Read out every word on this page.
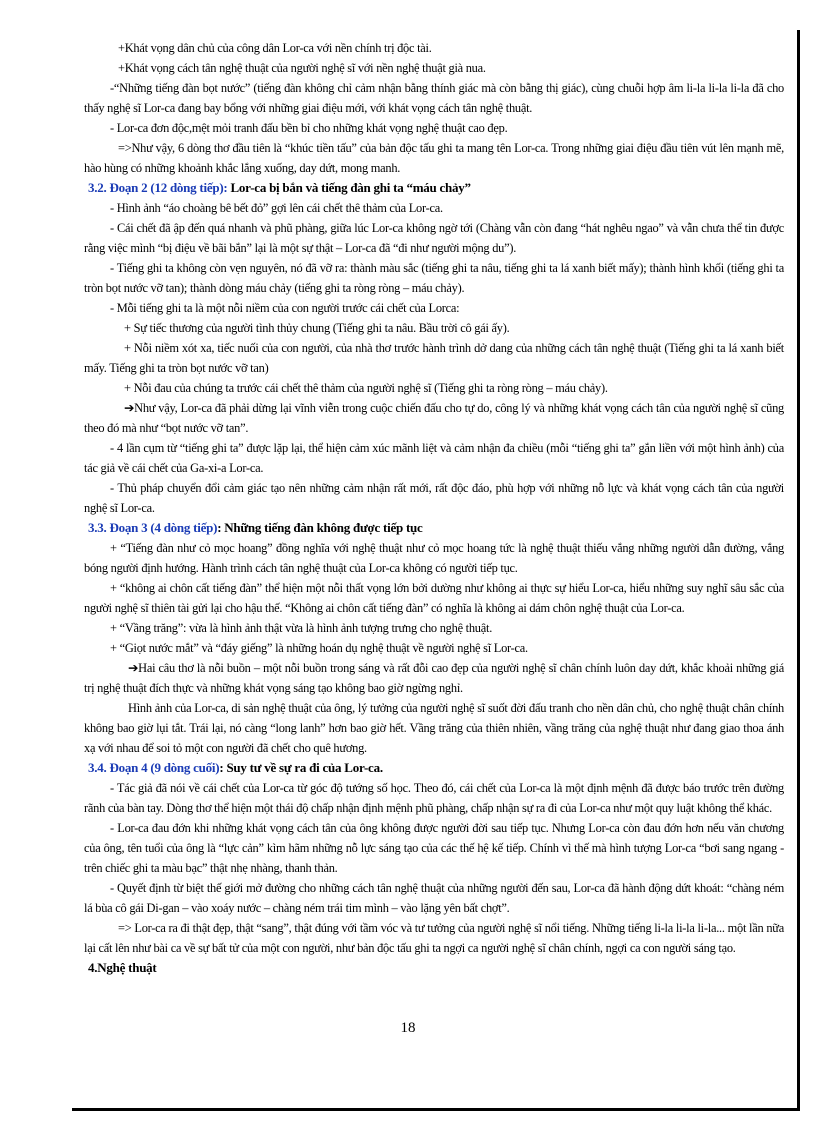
+Khát vọng dân chủ của công dân Lor-ca với nền chính trị độc tài.

+Khát vọng cách tân nghệ thuật của người nghệ sĩ với nền nghệ thuật già nua.

-“Những tiếng đàn bọt nước” (tiếng đàn không chỉ cảm nhận bằng thính giác mà còn bằng thị giác), cùng chuỗi hợp âm li-la li-la li-la đã cho thấy nghệ sĩ Lor-ca đang bay bổng với những giai điệu mới, với khát vọng cách tân nghệ thuật.

- Lor-ca đơn độc,mệt mỏi tranh đấu bền bỉ cho những khát vọng nghệ thuật cao đẹp.

=>Như vậy, 6 dòng thơ đầu tiên là “khúc tiền tấu” của bản độc tấu ghi ta mang tên Lor-ca. Trong những giai điệu đầu tiên vút lên mạnh mẽ, hào hùng có những khoảnh khắc lắng xuống, day dứt, mong manh.

3.2. Đoạn 2 (12 dòng tiếp): Lor-ca bị bắn và tiếng đàn ghi ta “máu chảy”

- Hình ảnh “áo choàng bê bết đỏ” gợi lên cái chết thê thảm của Lor-ca.

- Cái chết đã ập đến quá nhanh và phũ phàng, giữa lúc Lor-ca không ngờ tới (Chàng vẫn còn đang “hát nghêu ngao” và vẫn chưa thể tin được rằng việc mình “bị điệu về bãi bắn” lại là một sự thật – Lor-ca đã “đi như người mộng du”).

- Tiếng ghi ta không còn vẹn nguyên, nó đã vỡ ra: thành màu sắc (tiếng ghi ta nâu, tiếng ghi ta lá xanh biết mấy); thành hình khối (tiếng ghi ta tròn bọt nước vỡ tan); thành dòng máu chảy (tiếng ghi ta ròng ròng – máu chảy).

- Mỗi tiếng ghi ta là một nỗi niềm của con người trước cái chết của Lorca:

+ Sự tiếc thương của người tình thủy chung (Tiếng ghi ta nâu. Bầu trời cô gái ấy).

+ Nỗi niềm xót xa, tiếc nuối của con người, của nhà thơ trước hành trình dở dang của những cách tân nghệ thuật (Tiếng ghi ta lá xanh biết mấy. Tiếng ghi ta tròn bọt nước vỡ tan)

+ Nỗi đau của chúng ta trước cái chết thê thảm của người nghệ sĩ (Tiếng ghi ta ròng ròng – máu chảy).

➔Như vậy, Lor-ca đã phải dừng lại vĩnh viễn trong cuộc chiến đấu cho tự do, công lý và những khát vọng cách tân của người nghệ sĩ cũng theo đó mà như “bọt nước vỡ tan”.

- 4 lần cụm từ “tiếng ghi ta” được lặp lại, thể hiện cảm xúc mãnh liệt và cảm nhận đa chiều (mỗi “tiếng ghi ta” gắn liền với một hình ảnh) của tác giả về cái chết của Ga-xi-a Lor-ca.

- Thủ pháp chuyển đổi cảm giác tạo nên những cảm nhận rất mới, rất độc đáo, phù hợp với những nỗ lực và khát vọng cách tân của người nghệ sĩ Lor-ca.

3.3. Đoạn 3 (4 dòng tiếp): Những tiếng đàn không được tiếp tục

+ “Tiếng đàn như cỏ mọc hoang” đồng nghĩa với nghệ thuật như cỏ mọc hoang tức là nghệ thuật thiếu vắng những người dẫn đường, vắng bóng người định hướng. Hành trình cách tân nghệ thuật của Lor-ca không có người tiếp tục.

+ “không ai chôn cất tiếng đàn” thể hiện một nỗi thất vọng lớn bởi dường như không ai thực sự hiểu Lor-ca, hiểu những suy nghĩ sâu sắc của người nghệ sĩ thiên tài gửi lại cho hậu thế. “Không ai chôn cất tiếng đàn” có nghĩa là không ai dám chôn nghệ thuật của Lor-ca.

+ “Vầng trăng”: vừa là hình ảnh thật vừa là hình ảnh tượng trưng cho nghệ thuật.

+ “Giọt nước mắt” và “đáy giếng” là những hoán dụ nghệ thuật về người nghệ sĩ Lor-ca.

➔Hai câu thơ là nỗi buồn – một nỗi buồn trong sáng và rất đỗi cao đẹp của người nghệ sĩ chân chính luôn day dứt, khắc khoải những giá trị nghệ thuật đích thực và những khát vọng sáng tạo không bao giờ ngừng nghỉ.

Hình ảnh của Lor-ca, di sản nghệ thuật của ông, lý tưởng của người nghệ sĩ suốt đời đấu tranh cho nền dân chủ, cho nghệ thuật chân chính không bao giờ lụi tắt. Trái lại, nó càng “long lanh” hơn bao giờ hết. Vầng trăng của thiên nhiên, vầng trăng của nghệ thuật như đang giao thoa ánh xạ với nhau để soi tỏ một con người đã chết cho quê hương.

3.4. Đoạn 4 (9 dòng cuối): Suy tư về sự ra đi của Lor-ca.

- Tác giả đã nói về cái chết của Lor-ca từ góc độ tướng số học. Theo đó, cái chết của Lor-ca là một định mệnh đã được báo trước trên đường rãnh của bàn tay. Dòng thơ thể hiện một thái độ chấp nhận định mệnh phũ phàng, chấp nhận sự ra đi của Lor-ca như một quy luật không thể khác.

- Lor-ca đau đớn khi những khát vọng cách tân của ông không được người đời sau tiếp tục. Nhưng Lor-ca còn đau đớn hơn nếu văn chương của ông, tên tuổi của ông là “lực cản” kìm hãm những nỗ lực sáng tạo của các thế hệ kế tiếp. Chính vì thế mà hình tượng Lor-ca “bơi sang ngang - trên chiếc ghi ta màu bạc” thật nhẹ nhàng, thanh thản.

- Quyết định từ biệt thế giới mở đường cho những cách tân nghệ thuật của những người đến sau, Lor-ca đã hành động dứt khoát: “chàng ném lá bùa cô gái Di-gan – vào xoáy nước – chàng ném trái tim mình – vào lặng yên bất chợt”.

=> Lor-ca ra đi thật đẹp, thật “sang”, thật đúng với tầm vóc và tư tưởng của người nghệ sĩ nổi tiếng. Những tiếng li-la li-la li-la... một lần nữa lại cất lên như bài ca về sự bất tử của một con người, như bản độc tấu ghi ta ngợi ca người nghệ sĩ chân chính, ngợi ca con người sáng tạo.

4.Nghệ thuật

18
